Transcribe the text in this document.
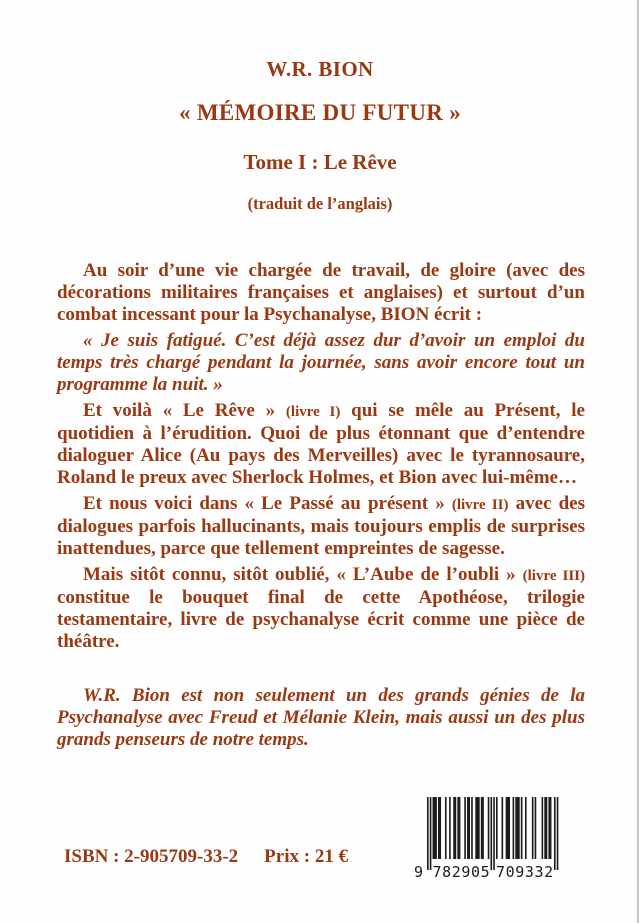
W.R. BION
« MÉMOIRE DU FUTUR »
Tome I : Le Rêve
(traduit de l’anglais)

Au soir d’une vie chargée de travail, de gloire (avec des décorations militaires françaises et anglaises) et surtout d’un combat incessant pour la Psychanalyse, BION écrit :

« Je suis fatigué. C’est déjà assez dur d’avoir un emploi du temps très chargé pendant la journée, sans avoir encore tout un programme la nuit. »

Et voilà « Le Rêve » (livre I) qui se mêle au Présent, le quotidien à l’érudition. Quoi de plus étonnant que d’entendre dialoguer Alice (Au pays des Merveilles) avec le tyrannosaure, Roland le preux avec Sherlock Holmes, et Bion avec lui-même…

Et nous voici dans « Le Passé au présent » (livre II) avec des dialogues parfois hallucinants, mais toujours emplis de surprises inattendues, parce que tellement empreintes de sagesse.

Mais sitôt connu, sitôt oublié, « L’Aube de l’oubli » (livre III) constitue le bouquet final de cette Apothéose, trilogie testamentaire, livre de psychanalyse écrit comme une pièce de théâtre.

W.R. Bion est non seulement un des grands génies de la Psychanalyse avec Freud et Mélanie Klein, mais aussi un des plus grands penseurs de notre temps.

ISBN : 2-905709-33-2 Prix : 21 €
9 782905 709332
